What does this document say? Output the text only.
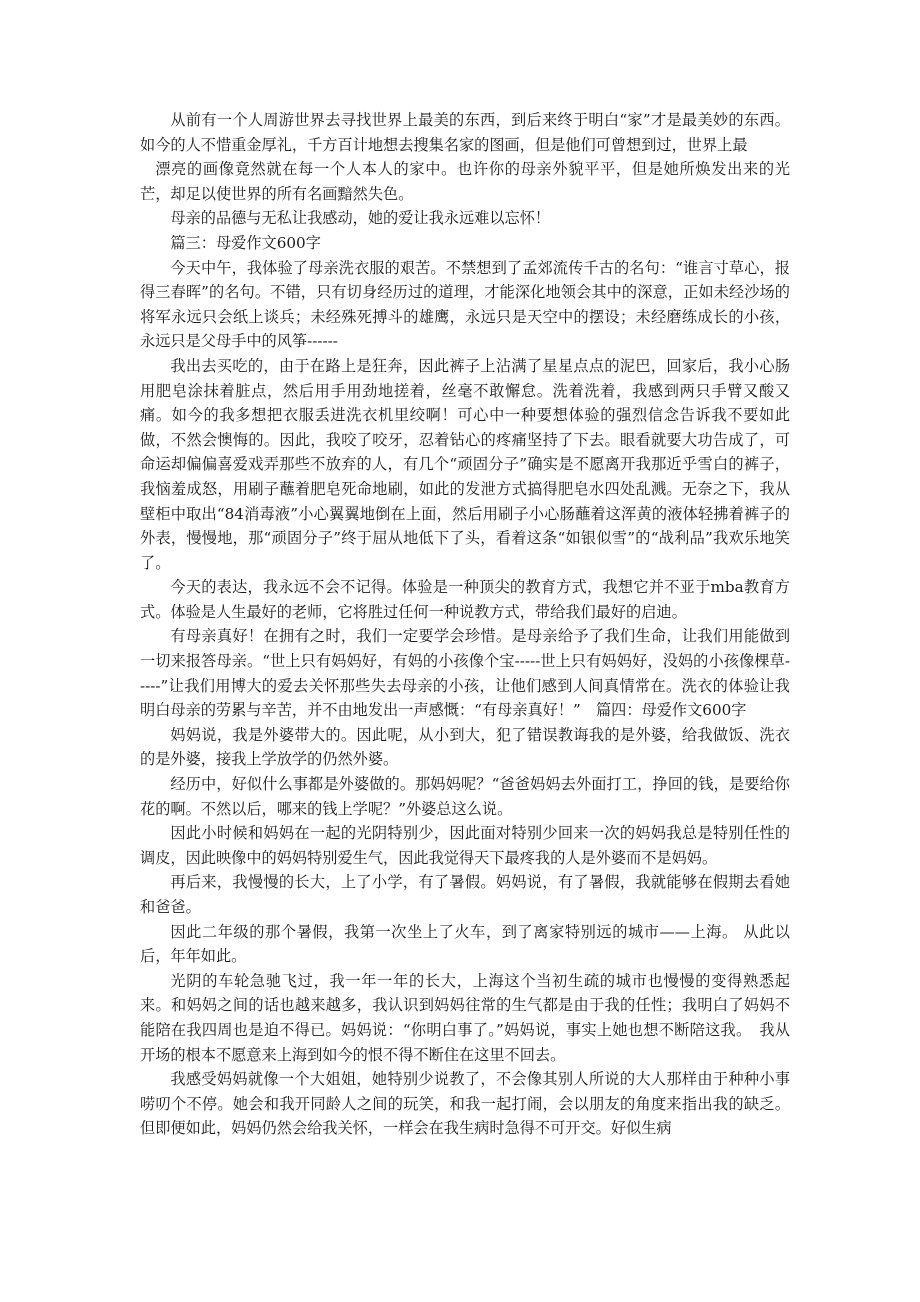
从前有一个人周游世界去寻找世界上最美的东西，到后来终于明白“家”才是最美妙的东西。如今的人不惜重金厚礼，千方百计地想去搜集名家的图画，但是他们可曾想到过，世界上最

漂亮的画像竟然就在每一个人本人的家中。也许你的母亲外貌平平，但是她所焕发出来的光芒，却足以使世界的所有名画黯然失色。

母亲的品德与无私让我感动，她的爱让我永远难以忘怀！

篇三：母爱作文600字

今天中午，我体验了母亲洗衣服的艰苦。不禁想到了孟郊流传千古的名句：“谁言寸草心，报得三春晖”的名句。不错，只有切身经历过的道理，才能深化地领会其中的深意，正如未经沙场的将军永远只会纸上谈兵；未经殊死搏斗的雄鹰，永远只是天空中的摆设；未经磨练成长的小孩，永远只是父母手中的风筝------

我出去买吃的，由于在路上是狂奔，因此裤子上沾满了星星点点的泥巴，回家后，我小心肠用肥皂涂抹着脏点，然后用手用劲地搓着，丝毫不敢懈怠。洗着洗着，我感到两只手臂又酸又痛。如今的我多想把衣服丢进洗衣机里绞啊！可心中一种要想体验的强烈信念告诉我不要如此做，不然会懊悔的。因此，我咬了咬牙，忍着钻心的疼痛坚持了下去。眼看就要大功告成了，可命运却偏偏喜爱戏弄那些不放弃的人，有几个“顽固分子”确实是不愿离开我那近乎雪白的裤子，我恼羞成怒，用刷子蘸着肥皂死命地刷，如此的发泄方式搞得肥皂水四处乱溅。无奈之下，我从壁柜中取出“84消毒液”小心翼翼地倒在上面，然后用刷子小心肠蘸着这浑黄的液体轻拂着裤子的外表，慢慢地，那“顽固分子”终于屈从地低下了头，看着这条“如银似雪”的“战利品”我欢乐地笑了。

今天的表达，我永远不会不记得。体验是一种顶尖的教育方式，我想它并不亚于mba教育方式。体验是人生最好的老师，它将胜过任何一种说教方式，带给我们最好的启迪。

有母亲真好！在拥有之时，我们一定要学会珍惜。是母亲给予了我们生命，让我们用能做到一切来报答母亲。“世上只有妈妈好，有妈的小孩像个宝-----世上只有妈妈好，没妈的小孩像棵草-----”让我们用博大的爱去关怀那些失去母亲的小孩，让他们感到人间真情常在。洗衣的体验让我明白母亲的劳累与辛苦，并不由地发出一声感慨：“有母亲真好！”　篇四：母爱作文600字

妈妈说，我是外婆带大的。因此呢，从小到大，犯了错误教诲我的是外婆，给我做饭、洗衣的是外婆，接我上学放学的仍然外婆。

经历中，好似什么事都是外婆做的。那妈妈呢？“爸爸妈妈去外面打工，挣回的钱，是要给你花的啊。不然以后，哪来的钱上学呢？”外婆总这么说。

因此小时候和妈妈在一起的光阴特别少，因此面对特别少回来一次的妈妈我总是特别任性的调皮，因此映像中的妈妈特别爱生气，因此我觉得天下最疼我的人是外婆而不是妈妈。

再后来，我慢慢的长大，上了小学，有了暑假。妈妈说，有了暑假，我就能够在假期去看她和爸爸。

因此二年级的那个暑假，我第一次坐上了火车，到了离家特别远的城市——上海。 从此以后，年年如此。

光阴的车轮急驰飞过，我一年一年的长大，上海这个当初生疏的城市也慢慢的变得熟悉起来。和妈妈之间的话也越来越多，我认识到妈妈往常的生气都是由于我的任性；我明白了妈妈不能陪在我四周也是迫不得已。妈妈说：“你明白事了。”妈妈说，事实上她也想不断陪这我。　我从开场的根本不愿意来上海到如今的恨不得不断住在这里不回去。

我感受妈妈就像一个大姐姐，她特别少说教了，不会像其别人所说的大人那样由于种种小事唠叨个不停。她会和我开同龄人之间的玩笑，和我一起打闹，会以朋友的角度来指出我的缺乏。但即便如此，妈妈仍然会给我关怀，一样会在我生病时急得不可开交。好似生病
